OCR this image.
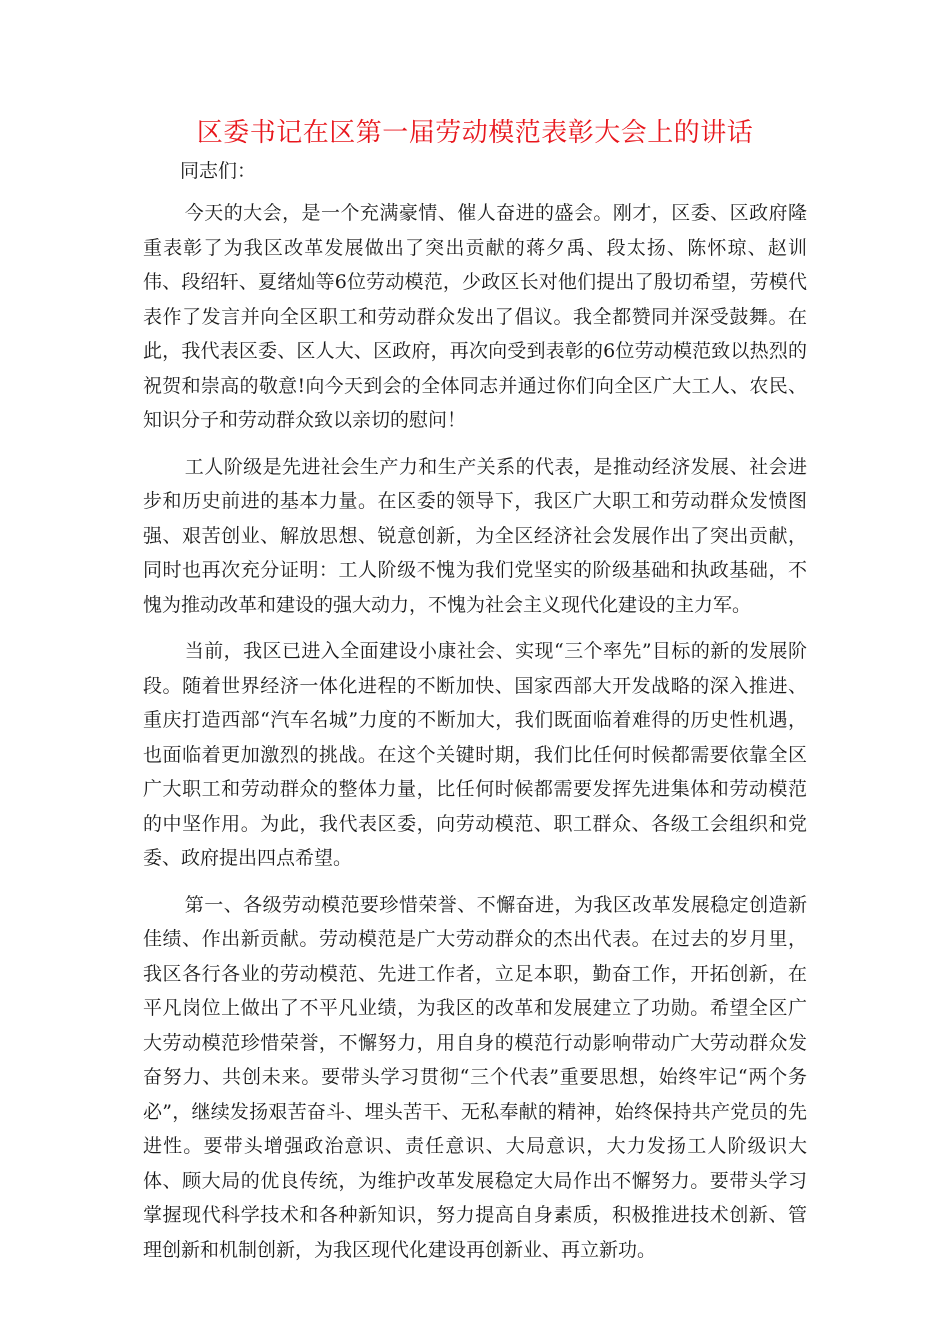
区委书记在区第一届劳动模范表彰大会上的讲话

同志们：

今天的大会，是一个充满豪情、催人奋进的盛会。刚才，区委、区政府隆重表彰了为我区改革发展做出了突出贡献的蒋夕禹、段太扬、陈怀琼、赵训伟、段绍轩、夏绪灿等6位劳动模范，少政区长对他们提出了殷切希望，劳模代表作了发言并向全区职工和劳动群众发出了倡议。我全都赞同并深受鼓舞。在此，我代表区委、区人大、区政府，再次向受到表彰的6位劳动模范致以热烈的祝贺和崇高的敬意!向今天到会的全体同志并通过你们向全区广大工人、农民、知识分子和劳动群众致以亲切的慰问！

工人阶级是先进社会生产力和生产关系的代表，是推动经济发展、社会进步和历史前进的基本力量。在区委的领导下，我区广大职工和劳动群众发愤图强、艰苦创业、解放思想、锐意创新，为全区经济社会发展作出了突出贡献，同时也再次充分证明：工人阶级不愧为我们党坚实的阶级基础和执政基础，不愧为推动改革和建设的强大动力，不愧为社会主义现代化建设的主力军。

当前，我区已进入全面建设小康社会、实现“三个率先”目标的新的发展阶段。随着世界经济一体化进程的不断加快、国家西部大开发战略的深入推进、重庆打造西部“汽车名城”力度的不断加大，我们既面临着难得的历史性机遇，也面临着更加激烈的挑战。在这个关键时期，我们比任何时候都需要依靠全区广大职工和劳动群众的整体力量，比任何时候都需要发挥先进集体和劳动模范的中坚作用。为此，我代表区委，向劳动模范、职工群众、各级工会组织和党委、政府提出四点希望。

第一、各级劳动模范要珍惜荣誉、不懈奋进，为我区改革发展稳定创造新佳绩、作出新贡献。劳动模范是广大劳动群众的杰出代表。在过去的岁月里，我区各行各业的劳动模范、先进工作者，立足本职，勤奋工作，开拓创新，在平凡岗位上做出了不平凡业绩，为我区的改革和发展建立了功勋。希望全区广大劳动模范珍惜荣誉，不懈努力，用自身的模范行动影响带动广大劳动群众发奋努力、共创未来。要带头学习贯彻“三个代表”重要思想，始终牢记“两个务必”，继续发扬艰苦奋斗、埋头苦干、无私奉献的精神，始终保持共产党员的先进性。要带头增强政治意识、责任意识、大局意识，大力发扬工人阶级识大体、顾大局的优良传统，为维护改革发展稳定大局作出不懈努力。要带头学习掌握现代科学技术和各种新知识，努力提高自身素质，积极推进技术创新、管理创新和机制创新，为我区现代化建设再创新业、再立新功。
